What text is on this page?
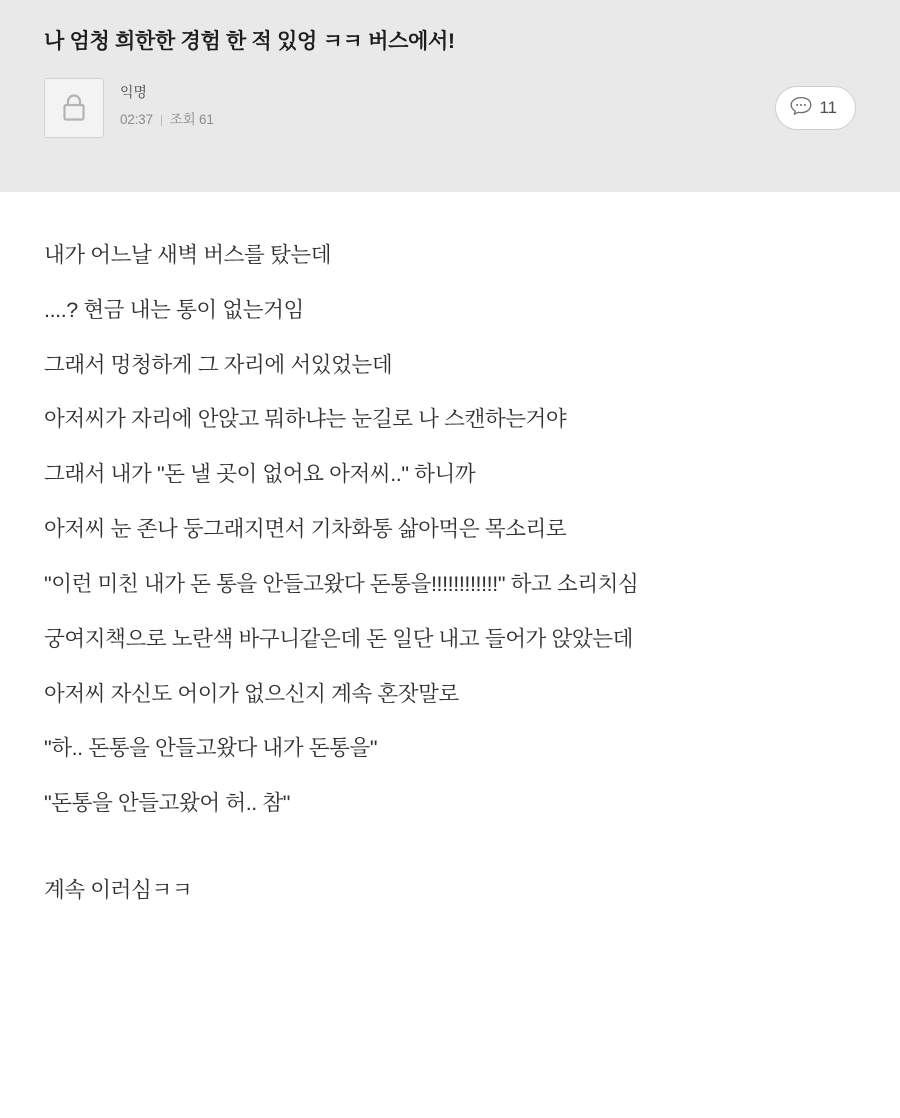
나 엄청 희한한 경험 한 적 있엉 ㅋㅋ 버스에서!
익명
02:37 조회 61
11

내가 어느날 새벽 버스를 탔는데

....? 현금 내는 통이 없는거임

그래서 멍청하게 그 자리에 서있었는데

아저씨가 자리에 안앉고 뭐하냐는 눈길로 나 스캔하는거야

그래서 내가 "돈 낼 곳이 없어요 아저씨.." 하니까

아저씨 눈 존나 둥그래지면서 기차화통 삶아먹은 목소리로

"이런 미친 내가 돈 통을 안들고왔다 돈통을!!!!!!!!!!!!" 하고 소리치심

궁여지책으로 노란색 바구니같은데 돈 일단 내고 들어가 앉았는데

아저씨 자신도 어이가 없으신지 계속 혼잣말로

"하.. 돈통을 안들고왔다 내가 돈통을"

"돈통을 안들고왔어 허.. 참"

계속 이러심ㅋㅋ
